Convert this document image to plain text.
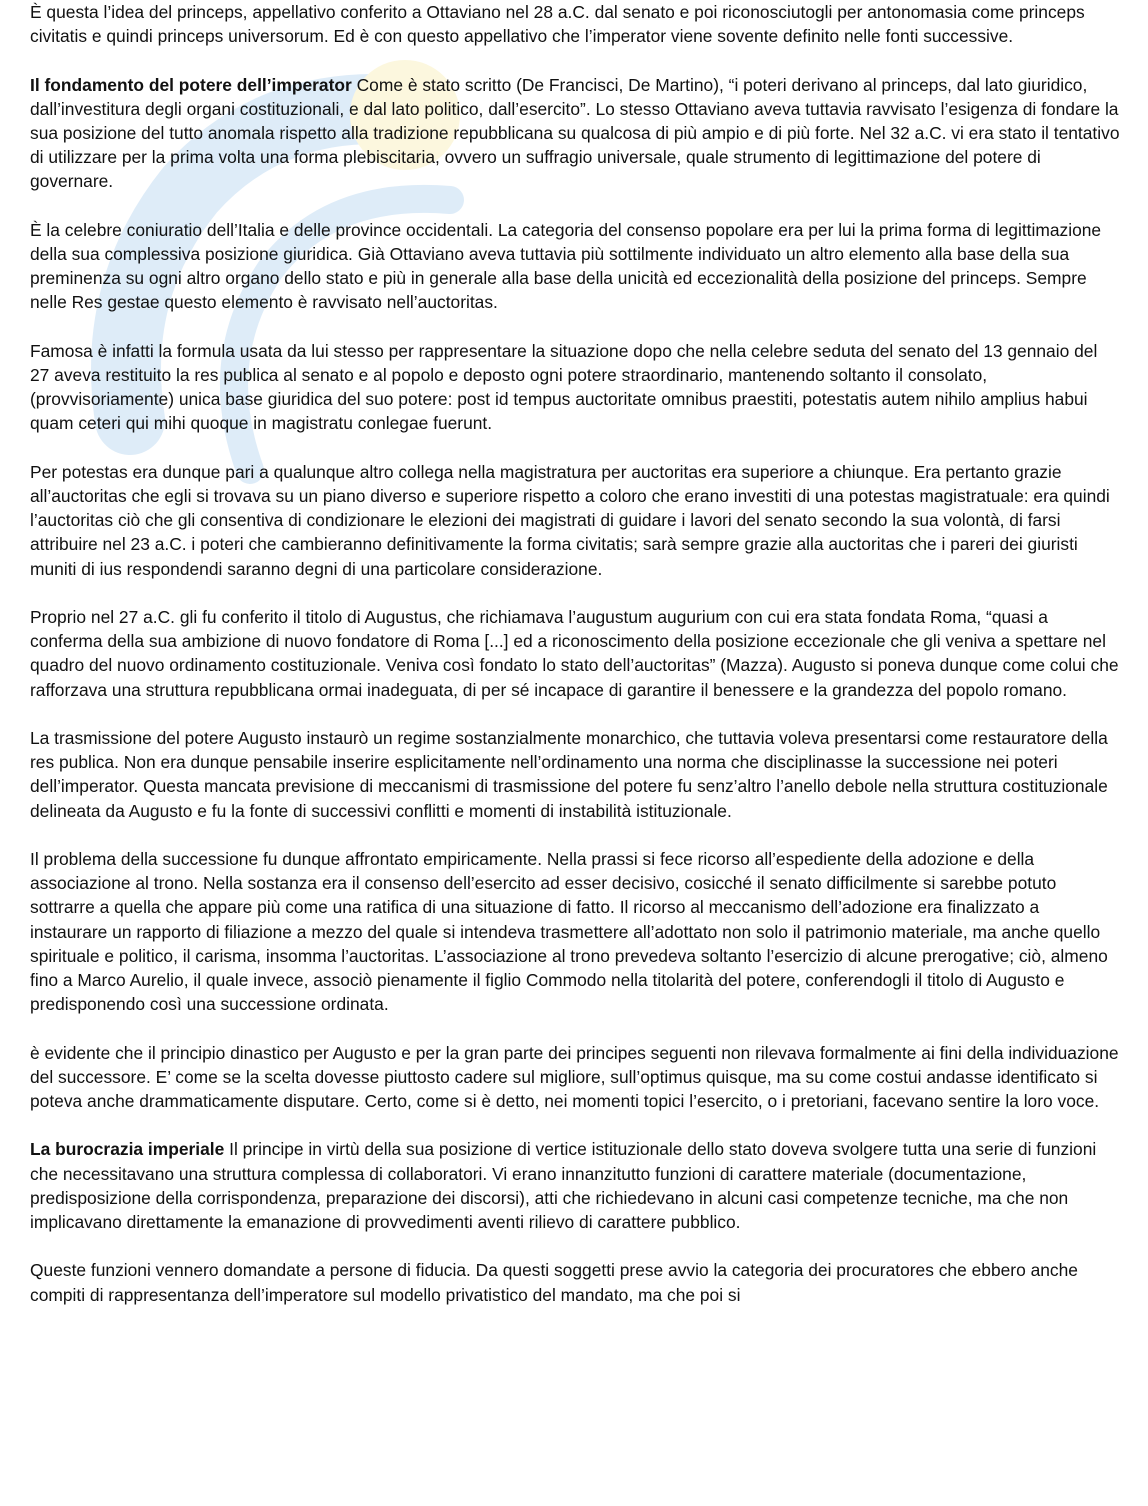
È questa l’idea del princeps, appellativo conferito a Ottaviano nel 28 a.C. dal senato e poi riconosciutogli per antonomasia come princeps civitatis e quindi princeps universorum. Ed è con questo appellativo che l’imperator viene sovente definito nelle fonti successive.

Il fondamento del potere dell’imperator Come è stato scritto (De Francisci, De Martino), “i poteri derivano al princeps, dal lato giuridico, dall’investitura degli organi costituzionali, e dal lato politico, dall’esercito”. Lo stesso Ottaviano aveva tuttavia ravvisato l’esigenza di fondare la sua posizione del tutto anomala rispetto alla tradizione repubblicana su qualcosa di più ampio e di più forte. Nel 32 a.C. vi era stato il tentativo di utilizzare per la prima volta una forma plebiscitaria, ovvero un suffragio universale, quale strumento di legittimazione del potere di governare.

È la celebre coniuratio dell’Italia e delle province occidentali. La categoria del consenso popolare era per lui la prima forma di legittimazione della sua complessiva posizione giuridica. Già Ottaviano aveva tuttavia più sottilmente individuato un altro elemento alla base della sua preminenza su ogni altro organo dello stato e più in generale alla base della unicità ed eccezionalità della posizione del princeps. Sempre nelle Res gestae questo elemento è ravvisato nell’auctoritas.

Famosa è infatti la formula usata da lui stesso per rappresentare la situazione dopo che nella celebre seduta del senato del 13 gennaio del 27 aveva restituito la res publica al senato e al popolo e deposto ogni potere straordinario, mantenendo soltanto il consolato, (provvisoriamente) unica base giuridica del suo potere: post id tempus auctoritate omnibus praestiti, potestatis autem nihilo amplius habui quam ceteri qui mihi quoque in magistratu conlegae fuerunt.

Per potestas era dunque pari a qualunque altro collega nella magistratura per auctoritas era superiore a chiunque. Era pertanto grazie all’auctoritas che egli si trovava su un piano diverso e superiore rispetto a coloro che erano investiti di una potestas magistratuale: era quindi l’auctoritas ciò che gli consentiva di condizionare le elezioni dei magistrati di guidare i lavori del senato secondo la sua volontà, di farsi attribuire nel 23 a.C. i poteri che cambieranno definitivamente la forma civitatis; sarà sempre grazie alla auctoritas che i pareri dei giuristi muniti di ius respondendi saranno degni di una particolare considerazione.

Proprio nel 27 a.C. gli fu conferito il titolo di Augustus, che richiamava l’augustum augurium con cui era stata fondata Roma, “quasi a conferma della sua ambizione di nuovo fondatore di Roma [...] ed a riconoscimento della posizione eccezionale che gli veniva a spettare nel quadro del nuovo ordinamento costituzionale. Veniva così fondato lo stato dell’auctoritas” (Mazza). Augusto si poneva dunque come colui che rafforzava una struttura repubblicana ormai inadeguata, di per sé incapace di garantire il benessere e la grandezza del popolo romano.

La trasmissione del potere Augusto instaurò un regime sostanzialmente monarchico, che tuttavia voleva presentarsi come restauratore della res publica. Non era dunque pensabile inserire esplicitamente nell’ordinamento una norma che disciplinasse la successione nei poteri dell’imperator. Questa mancata previsione di meccanismi di trasmissione del potere fu senz’altro l’anello debole nella struttura costituzionale delineata da Augusto e fu la fonte di successivi conflitti e momenti di instabilità istituzionale.

Il problema della successione fu dunque affrontato empiricamente. Nella prassi si fece ricorso all’espediente della adozione e della associazione al trono. Nella sostanza era il consenso dell’esercito ad esser decisivo, cosicché il senato difficilmente si sarebbe potuto sottrarre a quella che appare più come una ratifica di una situazione di fatto. Il ricorso al meccanismo dell’adozione era finalizzato a instaurare un rapporto di filiazione a mezzo del quale si intendeva trasmettere all’adottato non solo il patrimonio materiale, ma anche quello spirituale e politico, il carisma, insomma l’auctoritas. L’associazione al trono prevedeva soltanto l’esercizio di alcune prerogative; ciò, almeno fino a Marco Aurelio, il quale invece, associò pienamente il figlio Commodo nella titolarità del potere, conferendogli il titolo di Augusto e predisponendo così una successione ordinata.

è evidente che il principio dinastico per Augusto e per la gran parte dei principes seguenti non rilevava formalmente ai fini della individuazione del successore. E’ come se la scelta dovesse piuttosto cadere sul migliore, sull’optimus quisque, ma su come costui andasse identificato si poteva anche drammaticamente disputare. Certo, come si è detto, nei momenti topici l’esercito, o i pretoriani, facevano sentire la loro voce.

La burocrazia imperiale Il principe in virtù della sua posizione di vertice istituzionale dello stato doveva svolgere tutta una serie di funzioni che necessitavano una struttura complessa di collaboratori. Vi erano innanzitutto funzioni di carattere materiale (documentazione, predisposizione della corrispondenza, preparazione dei discorsi), atti che richiedevano in alcuni casi competenze tecniche, ma che non implicavano direttamente la emanazione di provvedimenti aventi rilievo di carattere pubblico.

Queste funzioni vennero domandate a persone di fiducia. Da questi soggetti prese avvio la categoria dei procuratores che ebbero anche compiti di rappresentanza dell’imperatore sul modello privatistico del mandato, ma che poi si
